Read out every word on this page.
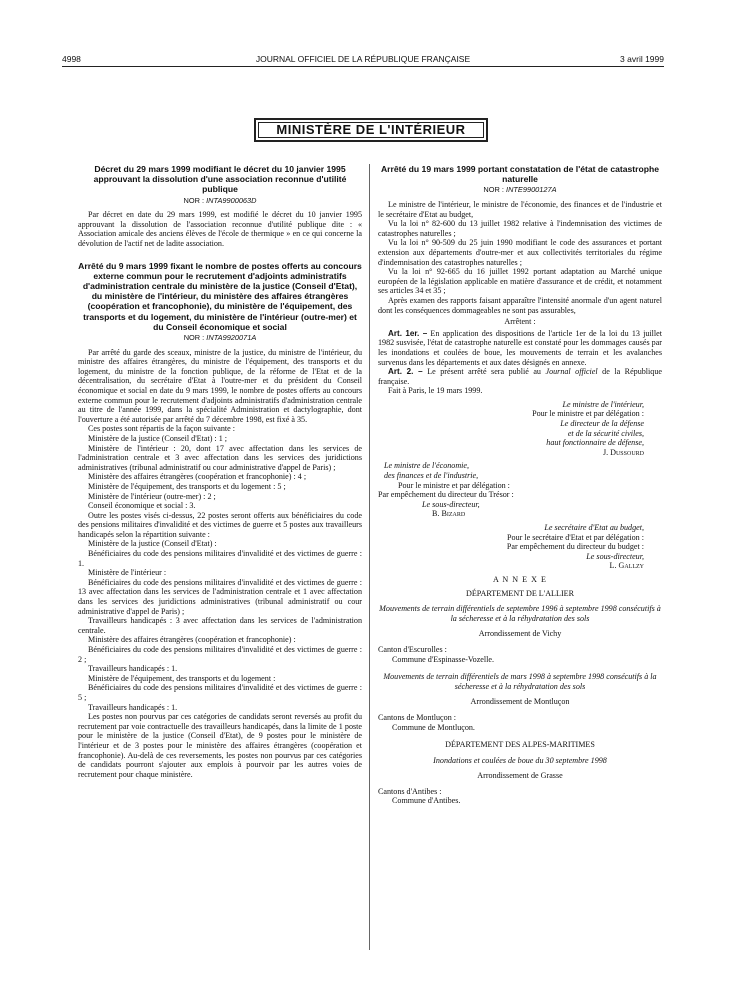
4998	JOURNAL OFFICIEL DE LA RÉPUBLIQUE FRANÇAISE	3 avril 1999
MINISTÈRE DE L'INTÉRIEUR
Décret du 29 mars 1999 modifiant le décret du 10 janvier 1995 approuvant la dissolution d'une association reconnue d'utilité publique
NOR : INTA9900063D

Par décret en date du 29 mars 1999, est modifié le décret du 10 janvier 1995 approuvant la dissolution de l'association reconnue d'utilité publique dite : « Association amicale des anciens élèves de l'école de thermique » en ce qui concerne la dévolution de l'actif net de ladite association.

Arrêté du 9 mars 1999 fixant le nombre de postes offerts au concours externe commun pour le recrutement d'adjoints administratifs d'administration centrale du ministère de la justice (Conseil d'Etat), du ministère de l'intérieur, du ministère des affaires étrangères (coopération et francophonie), du ministère de l'équipement, des transports et du logement, du ministère de l'intérieur (outre-mer) et du Conseil économique et social
NOR : INTA9920071A

Par arrêté du garde des sceaux, ministre de la justice, du ministre de l'intérieur, du ministre des affaires étrangères, du ministre de l'équipement, des transports et du logement, du ministre de la fonction publique, de la réforme de l'Etat et de la décentralisation, du secrétaire d'Etat à l'outre-mer et du président du Conseil économique et social en date du 9 mars 1999, le nombre de postes offerts au concours externe commun pour le recrutement d'adjoints administratifs d'administration centrale au titre de l'année 1999, dans la spécialité Administration et dactylographie, dont l'ouverture a été autorisée par arrêté du 7 décembre 1998, est fixé à 35.

Ces postes sont répartis de la façon suivante :

Ministère de la justice (Conseil d'Etat) : 1 ;

Ministère de l'intérieur : 20, dont 17 avec affectation dans les services de l'administration centrale et 3 avec affectation dans les services des juridictions administratives (tribunal administratif ou cour administrative d'appel de Paris) ;

Ministère des affaires étrangères (coopération et francophonie) : 4 ;

Ministère de l'équipement, des transports et du logement : 5 ;

Ministère de l'intérieur (outre-mer) : 2 ;

Conseil économique et social : 3.

Outre les postes visés ci-dessus, 22 postes seront offerts aux bénéficiaires du code des pensions militaires d'invalidité et des victimes de guerre et 5 postes aux travailleurs handicapés selon la répartition suivante :

Ministère de la justice (Conseil d'Etat) :

Bénéficiaires du code des pensions militaires d'invalidité et des victimes de guerre : 1.

Ministère de l'intérieur :

Bénéficiaires du code des pensions militaires d'invalidité et des victimes de guerre : 13 avec affectation dans les services de l'administration centrale et 1 avec affectation dans les services des juridictions administratives (tribunal administratif ou cour administrative d'appel de Paris) ;

Travailleurs handicapés : 3 avec affectation dans les services de l'administration centrale.

Ministère des affaires étrangères (coopération et francophonie) :

Bénéficiaires du code des pensions militaires d'invalidité et des victimes de guerre : 2 ;

Travailleurs handicapés : 1.

Ministère de l'équipement, des transports et du logement :

Bénéficiaires du code des pensions militaires d'invalidité et des victimes de guerre : 5 ;

Travailleurs handicapés : 1.

Les postes non pourvus par ces catégories de candidats seront reversés au profit du recrutement par voie contractuelle des travailleurs handicapés, dans la limite de 1 poste pour le ministère de la justice (Conseil d'Etat), de 9 postes pour le ministère de l'intérieur et de 3 postes pour le ministère des affaires étrangères (coopération et francophonie). Au-delà de ces reversements, les postes non pourvus par ces catégories de candidats pourront s'ajouter aux emplois à pourvoir par les autres voies de recrutement pour chaque ministère.

Arrêté du 19 mars 1999 portant constatation de l'état de catastrophe naturelle
NOR : INTE9900127A

Le ministre de l'intérieur, le ministre de l'économie, des finances et de l'industrie et le secrétaire d'Etat au budget,

Vu la loi n° 82-600 du 13 juillet 1982 relative à l'indemnisation des victimes de catastrophes naturelles ;

Vu la loi n° 90-509 du 25 juin 1990 modifiant le code des assurances et portant extension aux départements d'outre-mer et aux collectivités territoriales du régime d'indemnisation des catastrophes naturelles ;

Vu la loi n° 92-665 du 16 juillet 1992 portant adaptation au Marché unique européen de la législation applicable en matière d'assurance et de crédit, et notamment ses articles 34 et 35 ;

Après examen des rapports faisant apparaître l'intensité anormale d'un agent naturel dont les conséquences dommageables ne sont pas assurables,

Arrêtent :

Art. 1er. – En application des dispositions de l'article 1er de la loi du 13 juillet 1982 susvisée, l'état de catastrophe naturelle est constaté pour les dommages causés par les inondations et coulées de boue, les mouvements de terrain et les avalanches survenus dans les départements et aux dates désignés en annexe.

Art. 2. – Le présent arrêté sera publié au Journal officiel de la République française.

Fait à Paris, le 19 mars 1999.

Le ministre de l'intérieur,

Pour le ministre et par délégation :

Le directeur de la défense

et de la sécurité civiles,

haut fonctionnaire de défense,

J. Dussourd

Le ministre de l'économie,

des finances et de l'industrie,

Pour le ministre et par délégation :

Par empêchement du directeur du Trésor :

Le sous-directeur,

B. Bizard

Le secrétaire d'Etat au budget,

Pour le secrétaire d'Etat et par délégation :

Par empêchement du directeur du budget :

Le sous-directeur,

L. Gallzy

A N N E X E

DÉPARTEMENT DE L'ALLIER

Mouvements de terrain différentiels de septembre 1996 à septembre 1998 consécutifs à la sécheresse et à la réhydratation des sols

Arrondissement de Vichy

Canton d'Escurolles :

Commune d'Espinasse-Vozelle.

Mouvements de terrain différentiels de mars 1998 à septembre 1998 consécutifs à la sécheresse et à la réhydratation des sols

Arrondissement de Montluçon

Cantons de Montluçon :

Commune de Montluçon.

DÉPARTEMENT DES ALPES-MARITIMES

Inondations et coulées de boue du 30 septembre 1998

Arrondissement de Grasse

Cantons d'Antibes :

Commune d'Antibes.
